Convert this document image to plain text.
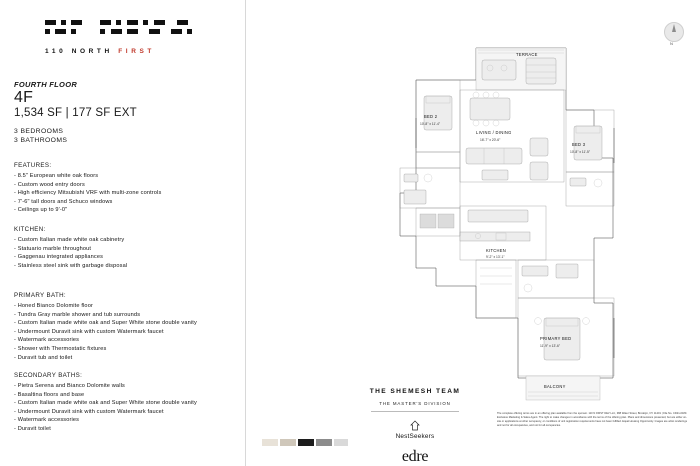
110 NORTH FIRST
FOURTH FLOOR
4F
1,534 SF | 177 SF EXT
3 BEDROOMS
3 BATHROOMS
FEATURES:
- 8.5" European white oak floors
- Custom wood entry doors
- High efficiency Mitsubishi VRF with multi-zone controls
- 7'-6" tall doors and Schuco windows
- Ceilings up to 9'-0"
KITCHEN:
- Custom Italian made white oak cabinetry
- Statuario marble throughout
- Gaggenau integrated appliances
- Stainless steel sink with garbage disposal
PRIMARY BATH:
- Honed Bianco Dolomite floor
- Tundra Gray marble shower and tub surrounds
- Custom Italian made white oak and Super White stone double vanity
- Undermount Duravit sink with custom Watermark faucet
- Watermark accessories
- Shower with Thermostatic fixtures
- Duravit tub and toilet
SECONDARY BATHS:
- Pietra Serena and Bianco Dolomite walls
- Basaltina floors and base
- Custom Italian made white oak and Super White stone double vanity
- Undermount Duravit sink with custom Watermark faucet
- Watermark accessories
- Duravit toilet
N
TERRACE
LIVING / DINING
16'-7" x 20'-6"
BED 2
10'-8" x 11'-4"
BED 3
10'-8" x 11'-5"
KITCHEN
9'-2" x 13'-1"
PRIMARY BED
11'-9" x 13'-6"
BALCONY
THE SHEMESH TEAM
THE MASTER'S DIVISION
NestSeekers
edre
The complete offering terms are in an offering plan available from the sponsor. 110 N FIRST DEV LLC, 388 Water Street, Brooklyn, NY 11201 | File No. CD21-0180. Exclusive Marketing & Sales Agent. The right to make changes in accordance with the terms of the offering plan. Plans and dimensions presented, but are either on-site or applications at other occupancy, or conditions of unit registration requirements have not been fulfilled. Equal Housing Opportunity. Images are artist renderings and not for all occupancies, and not for all occupancies.
